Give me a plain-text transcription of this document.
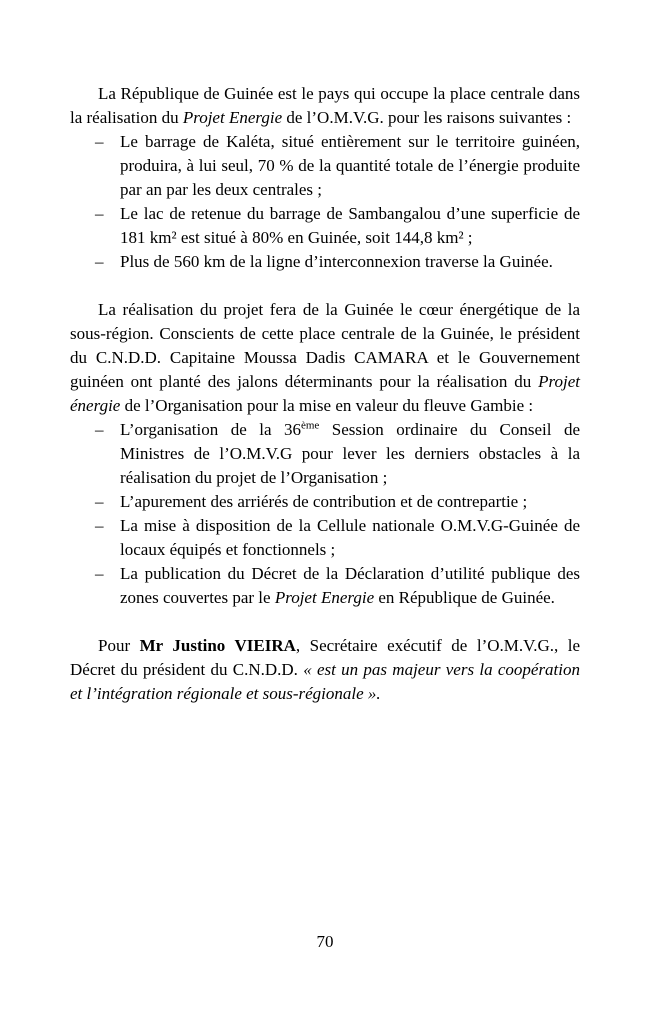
La République de Guinée est le pays qui occupe la place centrale dans la réalisation du Projet Energie de l’O.M.V.G. pour les raisons suivantes :

– Le barrage de Kaléta, situé entièrement sur le territoire guinéen, produira, à lui seul, 70 % de la quantité totale de l’énergie produite par an par les deux centrales ;
– Le lac de retenue du barrage de Sambangalou d’une superficie de 181 km² est situé à 80% en Guinée, soit 144,8 km² ;
– Plus de 560 km de la ligne d’interconnexion traverse la Guinée.

La réalisation du projet fera de la Guinée le cœur énergétique de la sous-région. Conscients de cette place centrale de la Guinée, le président du C.N.D.D. Capitaine Moussa Dadis CAMARA et le Gouvernement guinéen ont planté des jalons déterminants pour la réalisation du Projet énergie de l’Organisation pour la mise en valeur du fleuve Gambie :

– L’organisation de la 36ème Session ordinaire du Conseil de Ministres de l’O.M.V.G pour lever les derniers obstacles à la réalisation du projet de l’Organisation ;
– L’apurement des arriérés de contribution et de contrepartie ;
– La mise à disposition de la Cellule nationale O.M.V.G-Guinée de locaux équipés et fonctionnels ;
– La publication du Décret de la Déclaration d’utilité publique des zones couvertes par le Projet Energie en République de Guinée.

Pour Mr Justino VIEIRA, Secrétaire exécutif de l’O.M.V.G., le Décret du président du C.N.D.D. « est un pas majeur vers la coopération et l’intégration régionale et sous-régionale ».

70
